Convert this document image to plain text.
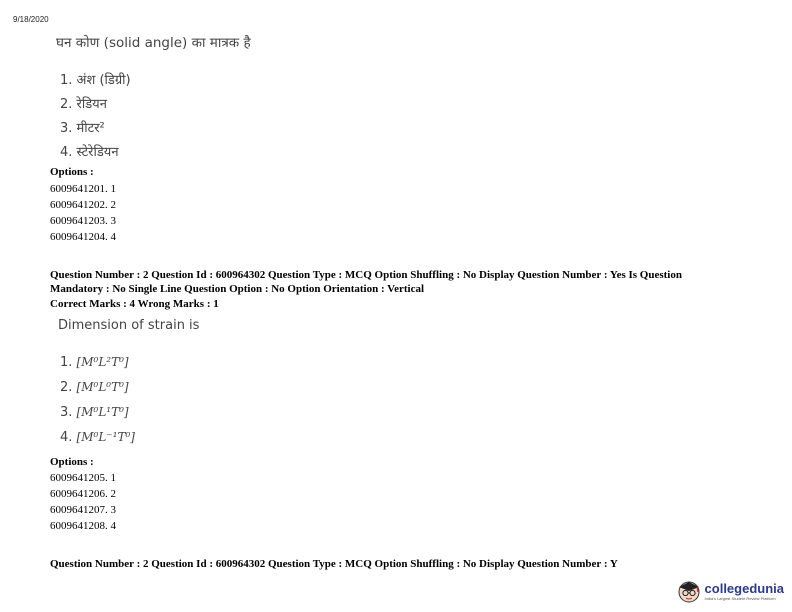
9/18/2020
घन कोण (solid angle) का मात्रक है
1. अंश (डिग्री)
2. रेडियन
3. मीटर²
4. स्टेरेडियन
Options :
6009641201. 1
6009641202. 2
6009641203. 3
6009641204. 4
Question Number : 2 Question Id : 600964302 Question Type : MCQ Option Shuffling : No Display Question Number : Yes Is Question
Mandatory : No Single Line Question Option : No Option Orientation : Vertical
Correct Marks : 4 Wrong Marks : 1
Dimension of strain is
1. [M⁰L²T⁰]
2. [M⁰L⁰T⁰]
3. [M⁰L¹T⁰]
4. [M⁰L⁻¹T⁰]
Options :
6009641205. 1
6009641206. 2
6009641207. 3
6009641208. 4
Question Number : 2 Question Id : 600964302 Question Type : MCQ Option Shuffling : No Display Question Number : Y
collegedunia
India's Largest Student Review Platform
